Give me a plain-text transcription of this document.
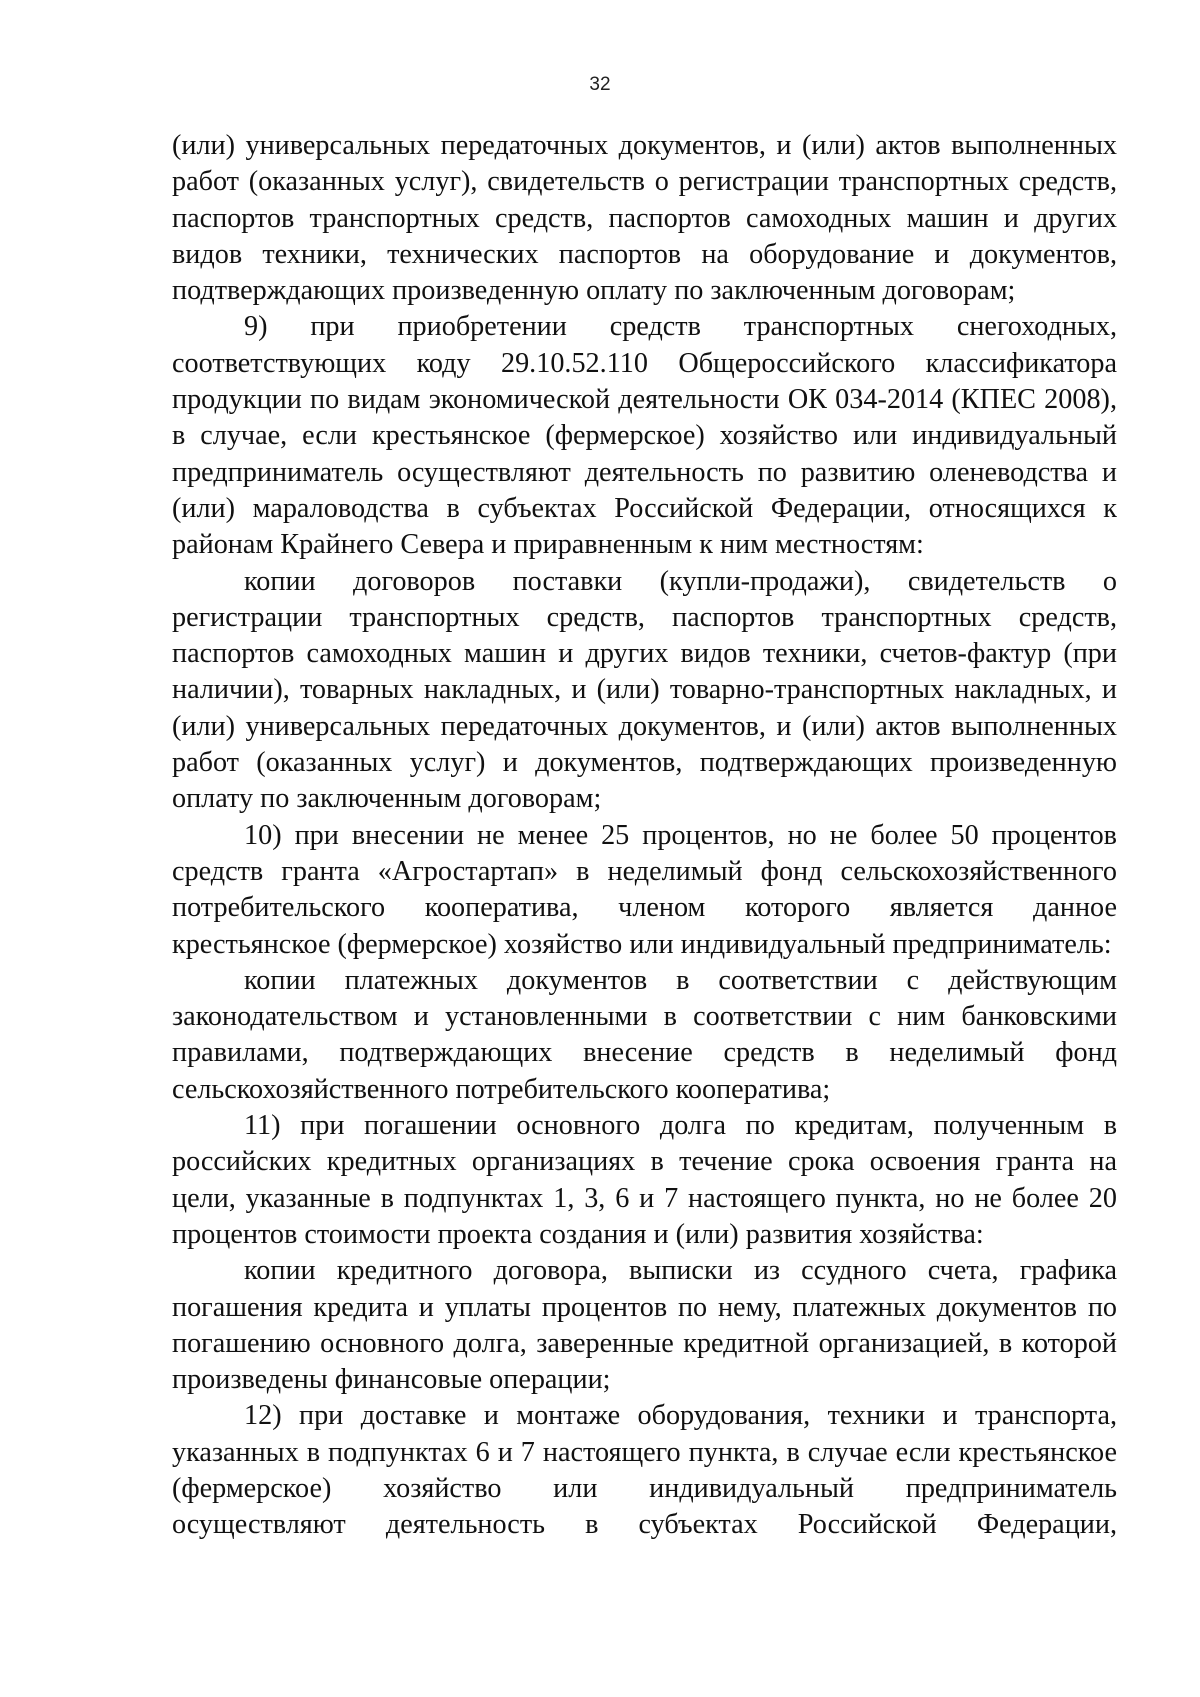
32

(или) универсальных передаточных документов, и (или) актов выполненных работ (оказанных услуг), свидетельств о регистрации транспортных средств, паспортов транспортных средств, паспортов самоходных машин и других видов техники, технических паспортов на оборудование и документов, подтверждающих произведенную оплату по заключенным договорам;

9) при приобретении средств транспортных снегоходных, соответствующих коду 29.10.52.110 Общероссийского классификатора продукции по видам экономической деятельности ОК 034-2014 (КПЕС 2008), в случае, если крестьянское (фермерское) хозяйство или индивидуальный предприниматель осуществляют деятельность по развитию оленеводства и (или) мараловодства в субъектах Российской Федерации, относящихся к районам Крайнего Севера и приравненным к ним местностям:

копии договоров поставки (купли-продажи), свидетельств о регистрации транспортных средств, паспортов транспортных средств, паспортов самоходных машин и других видов техники, счетов-фактур (при наличии), товарных накладных, и (или) товарно-транспортных накладных, и (или) универсальных передаточных документов, и (или) актов выполненных работ (оказанных услуг) и документов, подтверждающих произведенную оплату по заключенным договорам;

10) при внесении не менее 25 процентов, но не более 50 процентов средств гранта «Агростартап» в неделимый фонд сельскохозяйственного потребительского кооператива, членом которого является данное крестьянское (фермерское) хозяйство или индивидуальный предприниматель:

копии платежных документов в соответствии с действующим законодательством и установленными в соответствии с ним банковскими правилами, подтверждающих внесение средств в неделимый фонд сельскохозяйственного потребительского кооператива;

11) при погашении основного долга по кредитам, полученным в российских кредитных организациях в течение срока освоения гранта на цели, указанные в подпунктах 1, 3, 6 и 7 настоящего пункта, но не более 20 процентов стоимости проекта создания и (или) развития хозяйства:

копии кредитного договора, выписки из ссудного счета, графика погашения кредита и уплаты процентов по нему, платежных документов по погашению основного долга, заверенные кредитной организацией, в которой произведены финансовые операции;

12) при доставке и монтаже оборудования, техники и транспорта, указанных в подпунктах 6 и 7 настоящего пункта, в случае если крестьянское (фермерское) хозяйство или индивидуальный предприниматель осуществляют деятельность в субъектах Российской Федерации,
